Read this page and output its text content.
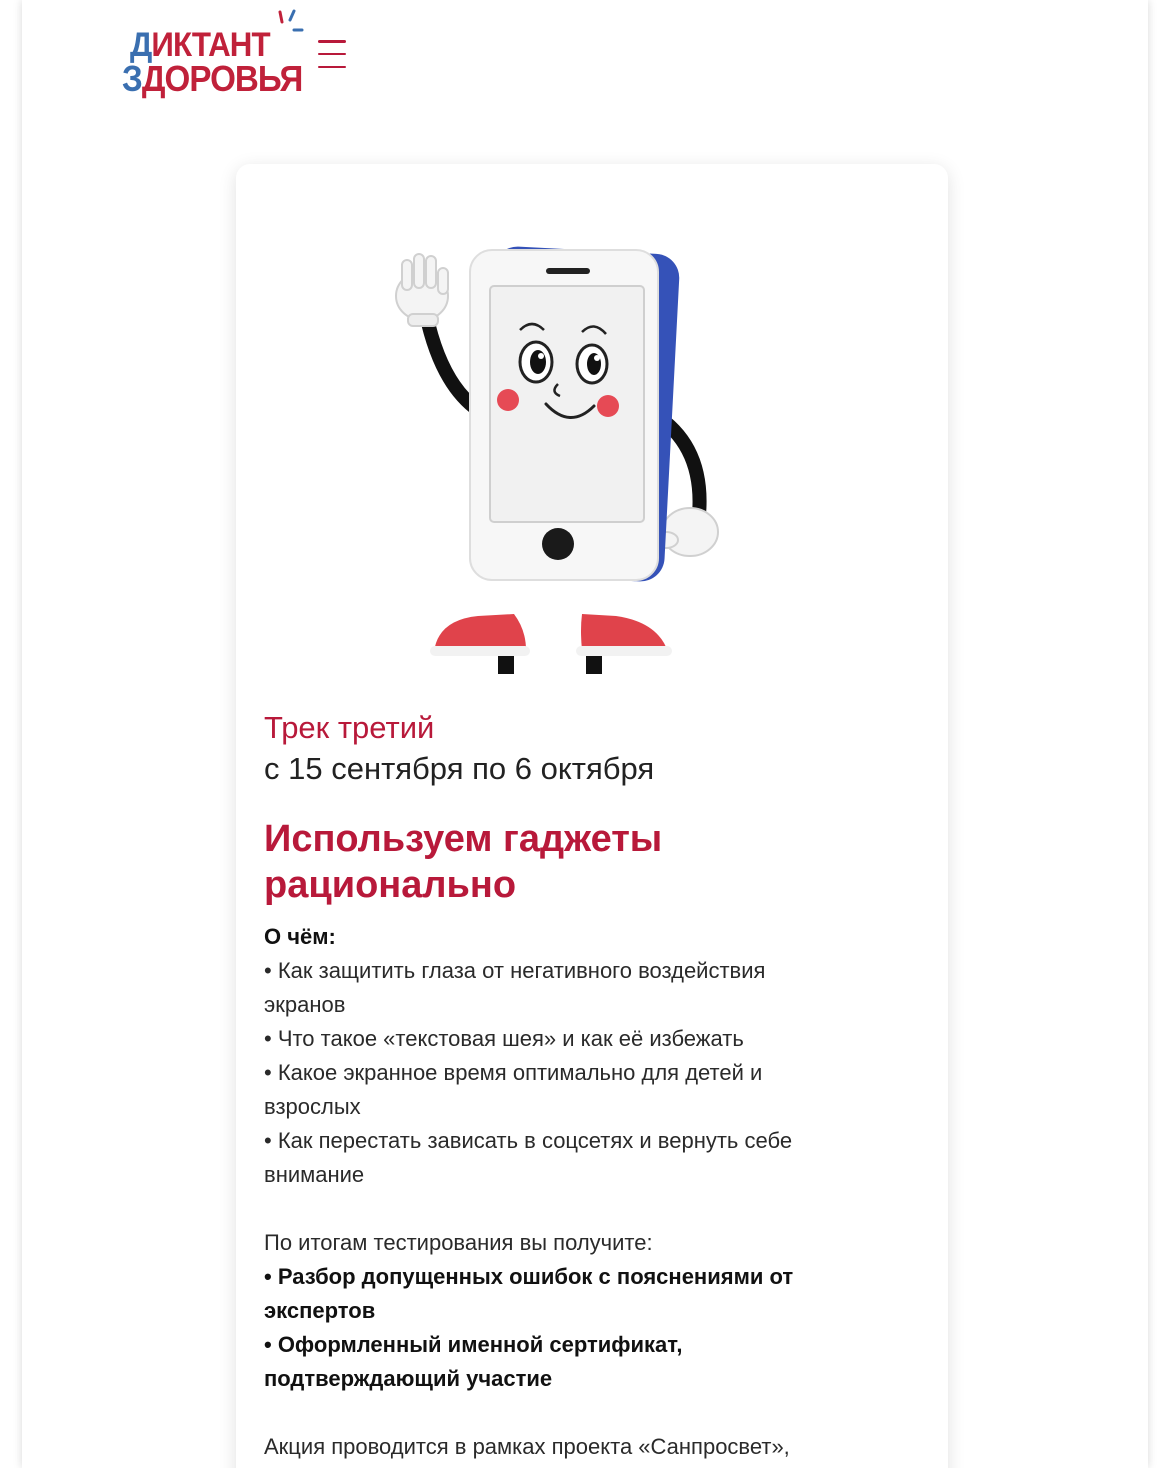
ДИКТАНТ
ЗДОРОВЬЯ
Трек третий
с 15 сентября по 6 октября
Используем гаджеты
рационально
О чём:
• Как защитить глаза от негативного воздействия
экранов
• Что такое «текстовая шея» и как её избежать
• Какое экранное время оптимально для детей и
взрослых
• Как перестать зависать в соцсетях и вернуть себе
внимание
По итогам тестирования вы получите:
• Разбор допущенных ошибок с пояснениями от
экспертов
• Оформленный именной сертификат,
подтверждающий участие
Акция проводится в рамках проекта «Санпросвет»,
